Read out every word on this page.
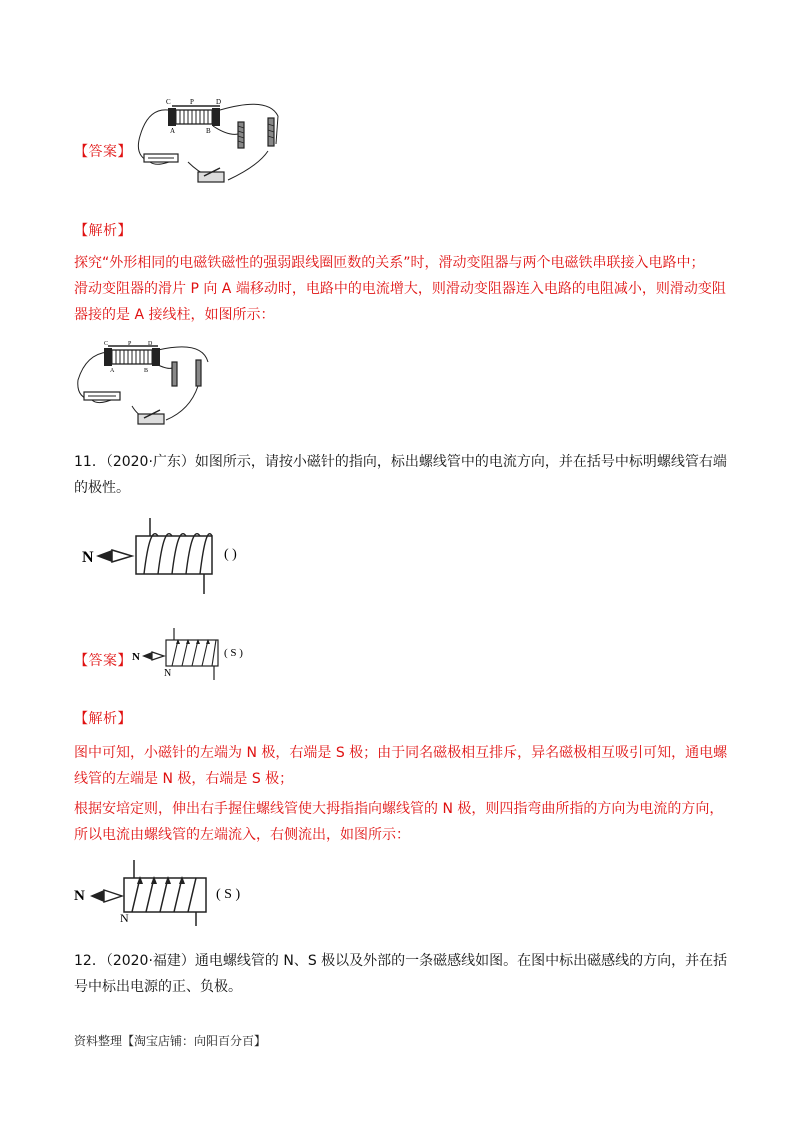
【答案】
C	P	D
A	B
【解析】
探究“外形相同的电磁铁磁性的强弱跟线圈匝数的关系”时，滑动变阻器与两个电磁铁串联接入电路中；
滑动变阻器的滑片 P 向 A 端移动时，电路中的电流增大，则滑动变阻器连入电路的电阻减小，则滑动变阻
器接的是 A 接线柱，如图所示：
C	P	D
A	B
11．（2020·广东）如图所示，请按小磁针的指向，标出螺线管中的电流方向，并在括号中标明螺线管右端
的极性。
N	( )
【答案】 N
N
( S )
【解析】
图中可知，小磁针的左端为 N 极，右端是 S 极；由于同名磁极相互排斥，异名磁极相互吸引可知，通电螺
线管的左端是 N 极，右端是 S 极；
根据安培定则，伸出右手握住螺线管使大拇指指向螺线管的 N 极，则四指弯曲所指的方向为电流的方向，
所以电流由螺线管的左端流入，右侧流出，如图所示：
N
N
( S )
12．（2020·福建）通电螺线管的 N、S 极以及外部的一条磁感线如图。在图中标出磁感线的方向，并在括
号中标出电源的正、负极。
资料整理【淘宝店铺：向阳百分百】
